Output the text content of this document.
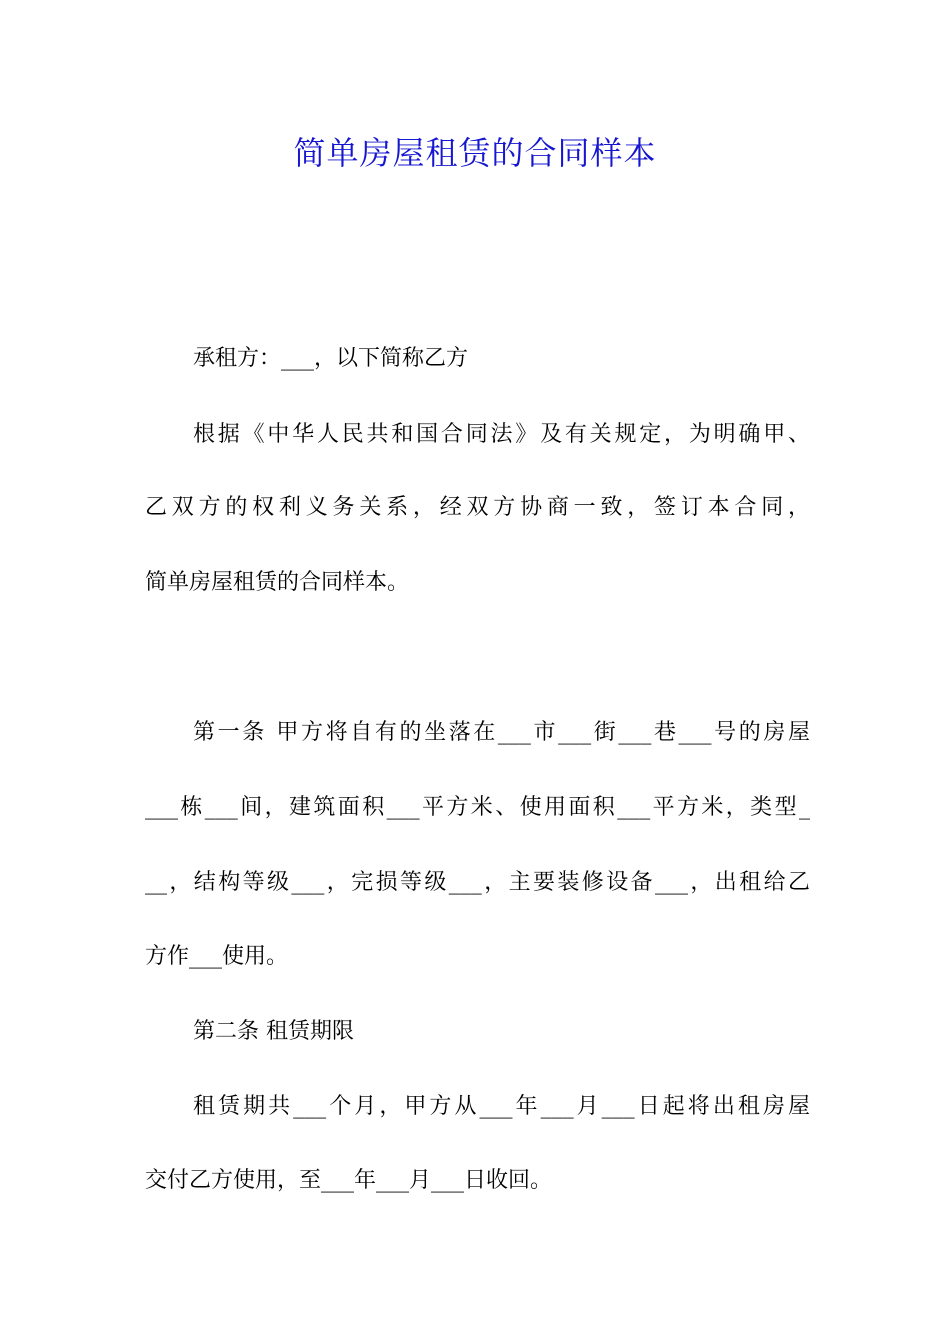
简单房屋租赁的合同样本
承租方：___，以下简称乙方
根据《中华人民共和国合同法》及有关规定，为明确甲、
乙双方的权利义务关系，经双方协商一致，签订本合同，
简单房屋租赁的合同样本。
第一条 甲方将自有的坐落在___市___街___巷___号的房屋
___栋___间，建筑面积___平方米、使用面积___平方米，类型_
__，结构等级___，完损等级___，主要装修设备___，出租给乙
方作___使用。
第二条 租赁期限
租赁期共___个月，甲方从___年___月___日起将出租房屋
交付乙方使用，至___年___月___日收回。
